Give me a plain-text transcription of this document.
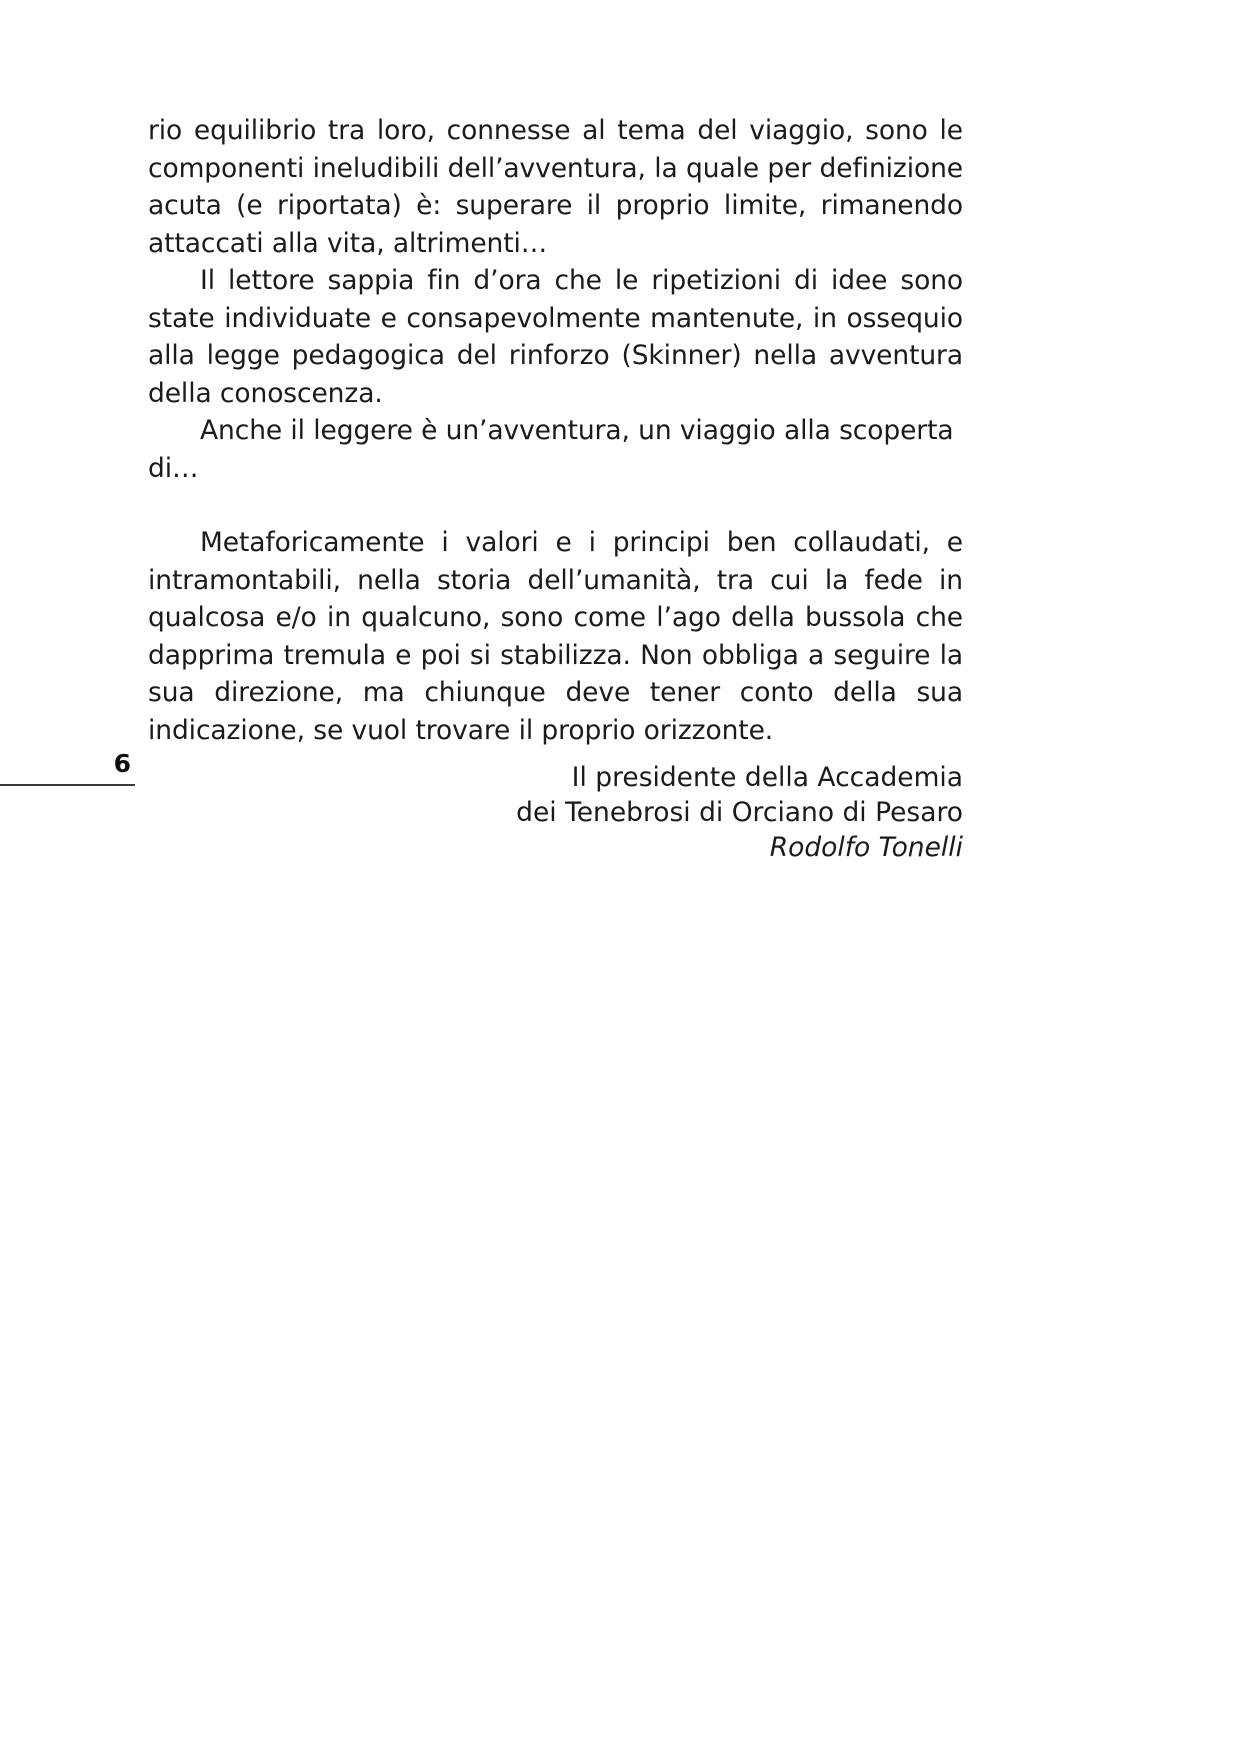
rio equilibrio tra loro, connesse al tema del viaggio, sono le componenti ineludibili dell’avventura, la quale per definizione acuta (e riportata) è: superare il proprio limite, rimanendo attaccati alla vita, altrimenti…

Il lettore sappia fin d’ora che le ripetizioni di idee sono state individuate e consapevolmente mantenute, in ossequio alla legge pedagogica del rinforzo (Skinner) nella avventura della conoscenza.

Anche il leggere è un’avventura, un viaggio alla scoperta di…

Metaforicamente i valori e i principi ben collaudati, e intramontabili, nella storia dell’umanità, tra cui la fede in qualcosa e/o in qualcuno, sono come l’ago della bussola che dapprima tremula e poi si stabilizza. Non obbliga a seguire la sua direzione, ma chiunque deve tener conto della sua indicazione, se vuol trovare il proprio orizzonte.

Il presidente della Accademia
dei Tenebrosi di Orciano di Pesaro
Rodolfo Tonelli
6
